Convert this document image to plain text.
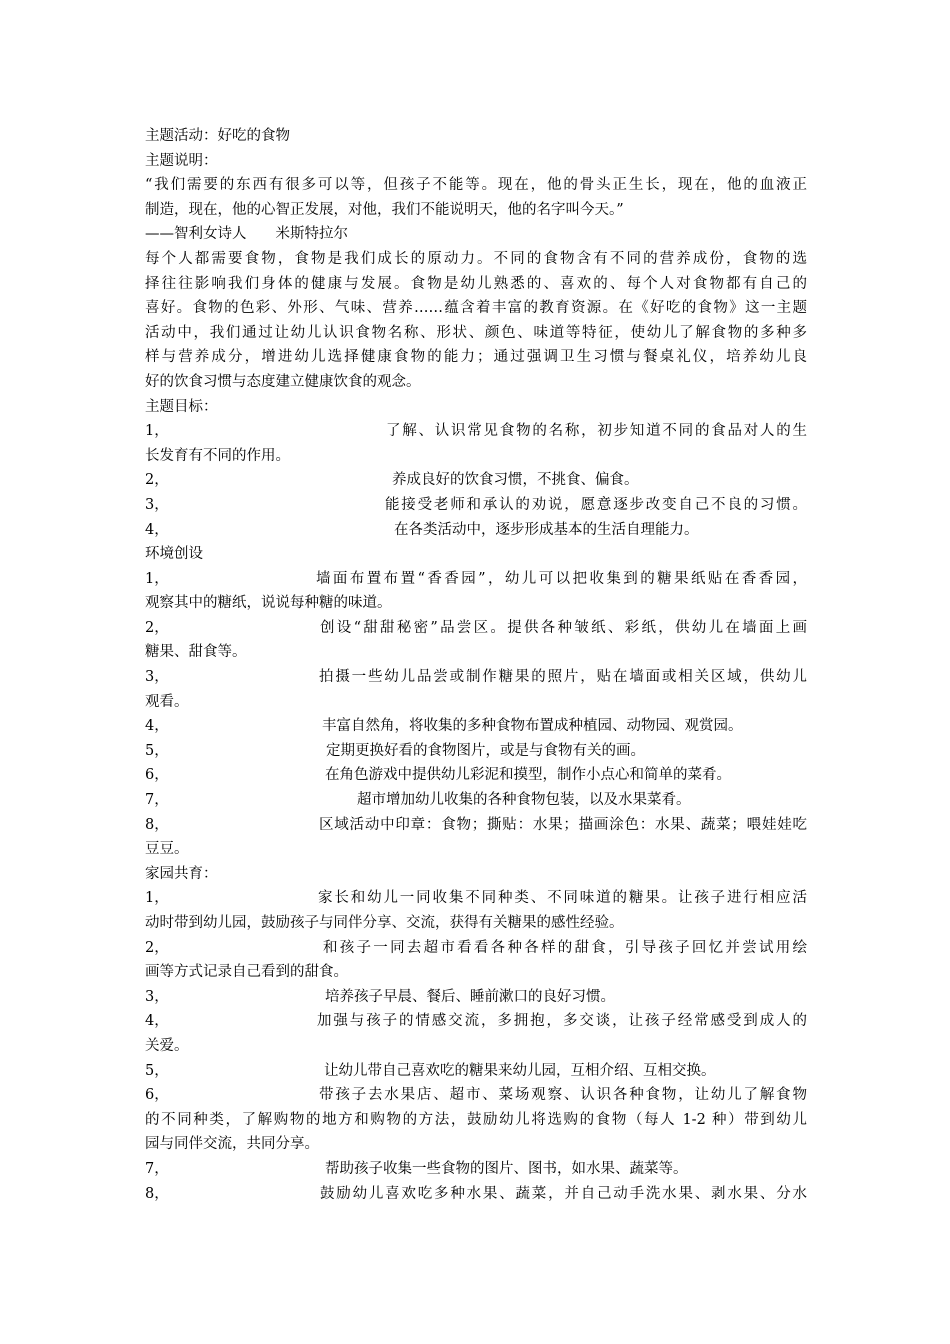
主题活动：好吃的食物
主题说明：
“我们需要的东西有很多可以等，但孩子不能等。现在，他的骨头正生长，现在，他的血液正
制造，现在，他的心智正发展，对他，我们不能说明天，他的名字叫今天。”
——智利女诗人　　米斯特拉尔
每个人都需要食物，食物是我们成长的原动力。不同的食物含有不同的营养成份，食物的选
择往往影响我们身体的健康与发展。食物是幼儿熟悉的、喜欢的、每个人对食物都有自己的
喜好。食物的色彩、外形、气味、营养……蕴含着丰富的教育资源。在《好吃的食物》这一主题
活动中，我们通过让幼儿认识食物名称、形状、颜色、味道等特征，使幼儿了解食物的多种多
样与营养成分，增进幼儿选择健康食物的能力；通过强调卫生习惯与餐桌礼仪，培养幼儿良
好的饮食习惯与态度建立健康饮食的观念。
主题目标：
1，	了解、认识常见食物的名称，初步知道不同的食品对人的生
长发育有不同的作用。
2，	养成良好的饮食习惯，不挑食、偏食。
3，	能接受老师和承认的劝说，愿意逐步改变自己不良的习惯。
4，	在各类活动中，逐步形成基本的生活自理能力。
环境创设
1，	墙面布置布置“香香园”，幼儿可以把收集到的糖果纸贴在香香园，
观察其中的糖纸，说说每种糖的味道。
2，	创设“甜甜秘密”品尝区。提供各种皱纸、彩纸，供幼儿在墙面上画
糖果、甜食等。
3，	拍摄一些幼儿品尝或制作糖果的照片，贴在墙面或相关区域，供幼儿
观看。
4，	丰富自然角，将收集的多种食物布置成种植园、动物园、观赏园。
5，	定期更换好看的食物图片，或是与食物有关的画。
6，	在角色游戏中提供幼儿彩泥和摸型，制作小点心和简单的菜肴。
7，	超市增加幼儿收集的各种食物包装，以及水果菜肴。
8，	区域活动中印章：食物；撕贴：水果；描画涂色：水果、蔬菜；喂娃娃吃
豆豆。
家园共育：
1，	家长和幼儿一同收集不同种类、不同味道的糖果。让孩子进行相应活
动时带到幼儿园，鼓励孩子与同伴分享、交流，获得有关糖果的感性经验。
2，	和孩子一同去超市看看各种各样的甜食，引导孩子回忆并尝试用绘
画等方式记录自己看到的甜食。
3，	培养孩子早晨、餐后、睡前漱口的良好习惯。
4，	加强与孩子的情感交流，多拥抱，多交谈，让孩子经常感受到成人的
关爱。
5，	让幼儿带自己喜欢吃的糖果来幼儿园，互相介绍、互相交换。
6，	带孩子去水果店、超市、菜场观察、认识各种食物，让幼儿了解食物
的不同种类，了解购物的地方和购物的方法，鼓励幼儿将选购的食物（每人 1-2 种）带到幼儿
园与同伴交流，共同分享。
7，	帮助孩子收集一些食物的图片、图书，如水果、蔬菜等。
8，	鼓励幼儿喜欢吃多种水果、蔬菜，并自己动手洗水果、剥水果、分水
